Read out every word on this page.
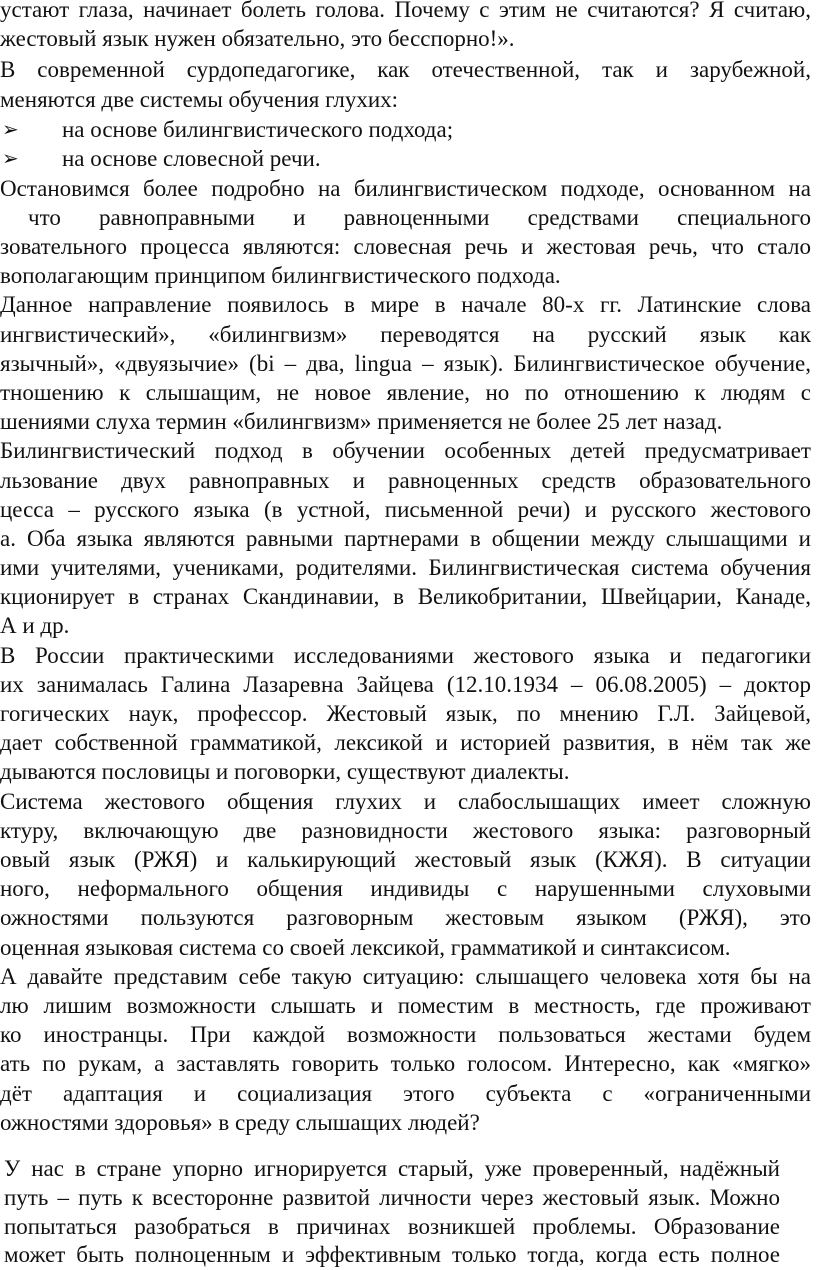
устают глаза, начинает болеть голова. Почему с этим не считаются? Я считаю,
жестовый язык нужен обязательно, это бесспорно!».
В современной сурдопедагогике, как отечественной, так и зарубежной,
меняются две системы обучения глухих:
➢ на основе билингвистического подхода;
➢ на основе словесной речи.
Остановимся более подробно на билингвистическом подходе, основанном на
что равноправными и равноценными средствами специального
зовательного процесса являются: словесная речь и жестовая речь, что стало
вополагающим принципом билингвистического подхода.
Данное направление появилось в мире в начале 80-х гг. Латинские слова
ингвистический», «билингвизм» переводятся на русский язык как
язычный», «двуязычие» (bi – два, lingua – язык). Билингвистическое обучение,
тношению к слышащим, не новое явление, но по отношению к людям с
шениями слуха термин «билингвизм» применяется не более 25 лет назад.
Билингвистический подход в обучении особенных детей предусматривает
льзование двух равноправных и равноценных средств образовательного
цесса – русского языка (в устной, письменной речи) и русского жестового
а. Оба языка являются равными партнерами в общении между слышащими и
ими учителями, учениками, родителями. Билингвистическая система обучения
кционирует в странах Скандинавии, в Великобритании, Швейцарии, Канаде,
А и др.
В России практическими исследованиями жестового языка и педагогики
их занималась Галина Лазаревна Зайцева (12.10.1934 – 06.08.2005) – доктор
гогических наук, профессор. Жестовый язык, по мнению Г.Л. Зайцевой,
дает собственной грамматикой, лексикой и историей развития, в нём так же
дываются пословицы и поговорки, существуют диалекты.
Система жестового общения глухих и слабослышащих имеет сложную
ктуру, включающую две разновидности жестового языка: разговорный
овый язык (РЖЯ) и калькирующий жестовый язык (КЖЯ). В ситуации
ного, неформального общения индивиды с нарушенными слуховыми
ожностями пользуются разговорным жестовым языком (РЖЯ), это
оценная языковая система со своей лексикой, грамматикой и синтаксисом.
А давайте представим себе такую ситуацию: слышащего человека хотя бы на
лю лишим возможности слышать и поместим в местность, где проживают
ко иностранцы. При каждой возможности пользоваться жестами будем
ать по рукам, а заставлять говорить только голосом. Интересно, как «мягко»
дёт адаптация и социализация этого субъекта с «ограниченными
ожностями здоровья» в среду слышащих людей?
У нас в стране упорно игнорируется старый, уже проверенный, надёжный
путь – путь к всесторонне развитой личности через жестовый язык. Можно
попытаться разобраться в причинах возникшей проблемы. Образование
может быть полноценным и эффективным только тогда, когда есть полное
